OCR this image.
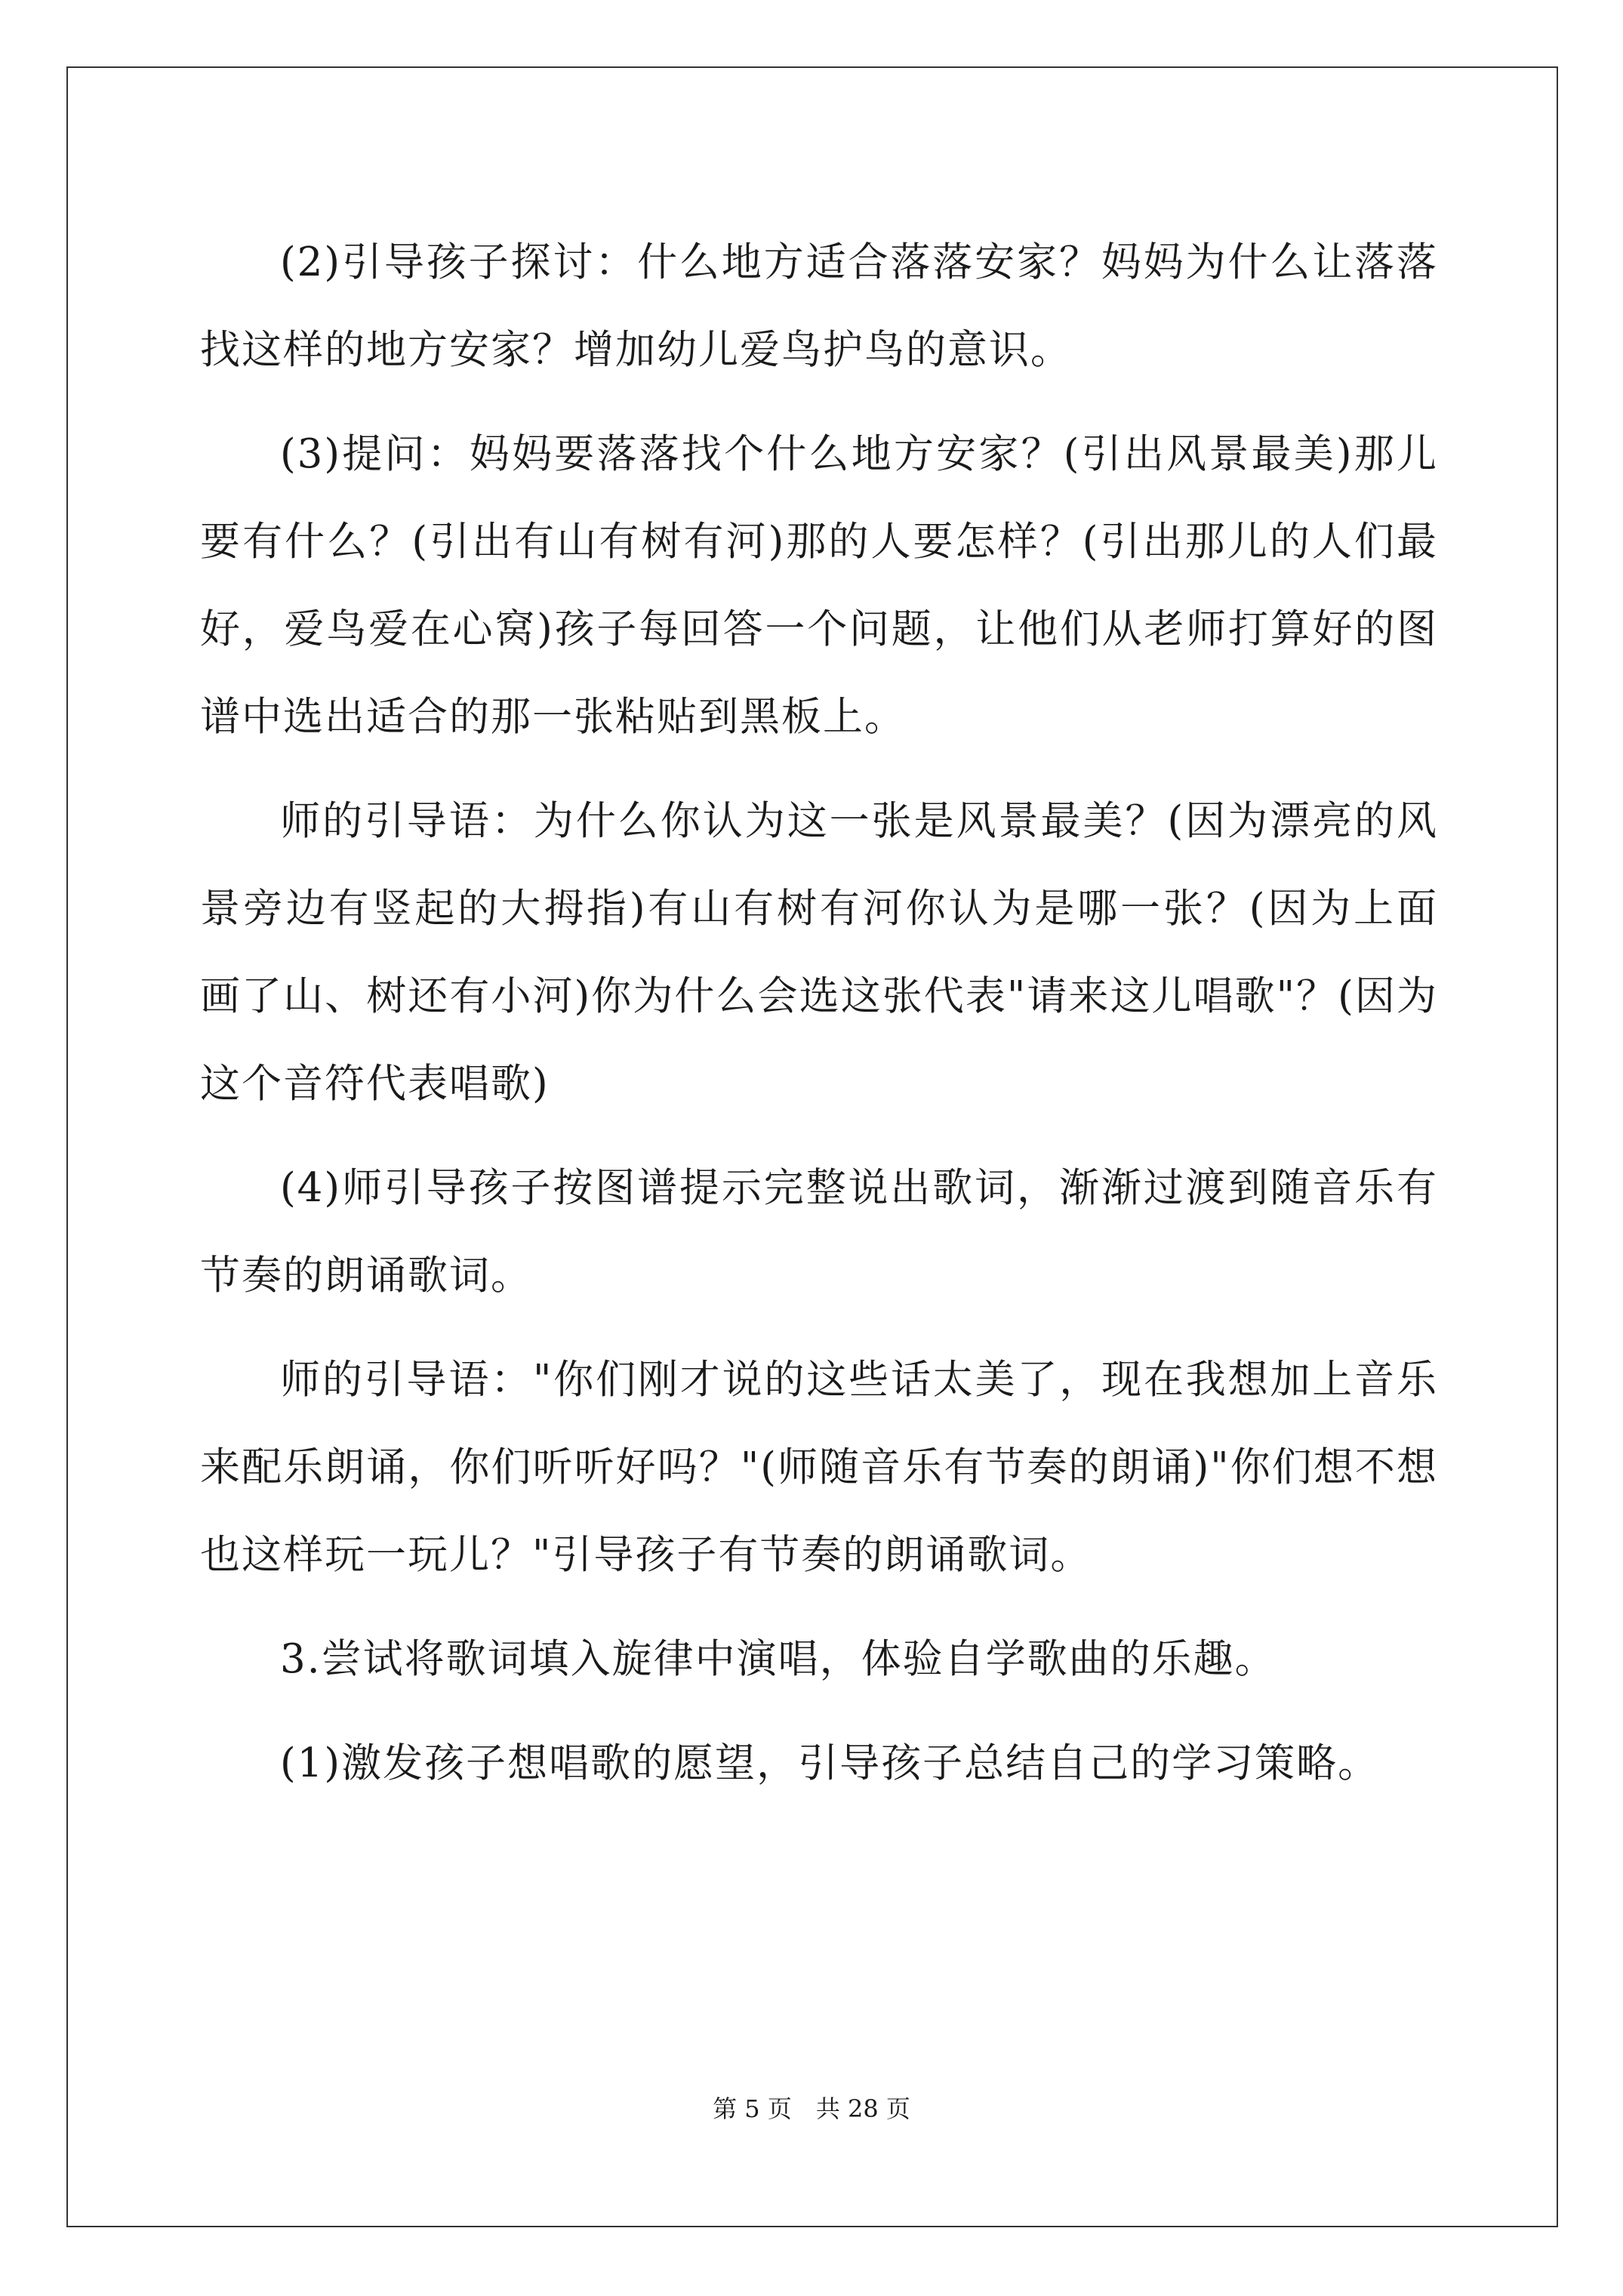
(2)引导孩子探讨：什么地方适合落落安家？妈妈为什么让落落找这样的地方安家？增加幼儿爱鸟护鸟的意识。

(3)提问：妈妈要落落找个什么地方安家？(引出风景最美)那儿要有什么？(引出有山有树有河)那的人要怎样？(引出那儿的人们最好，爱鸟爱在心窝)孩子每回答一个问题，让他们从老师打算好的图谱中选出适合的那一张粘贴到黑板上。

师的引导语：为什么你认为这一张是风景最美？(因为漂亮的风景旁边有竖起的大拇指)有山有树有河你认为是哪一张？(因为上面画了山、树还有小河)你为什么会选这张代表"请来这儿唱歌"？(因为这个音符代表唱歌)

(4)师引导孩子按图谱提示完整说出歌词，渐渐过渡到随音乐有节奏的朗诵歌词。

师的引导语："你们刚才说的这些话太美了，现在我想加上音乐来配乐朗诵，你们听听好吗？"(师随音乐有节奏的朗诵)"你们想不想也这样玩一玩儿？"引导孩子有节奏的朗诵歌词。

3.尝试将歌词填入旋律中演唱，体验自学歌曲的乐趣。

(1)激发孩子想唱歌的愿望，引导孩子总结自己的学习策略。

第 5 页　共 28 页
